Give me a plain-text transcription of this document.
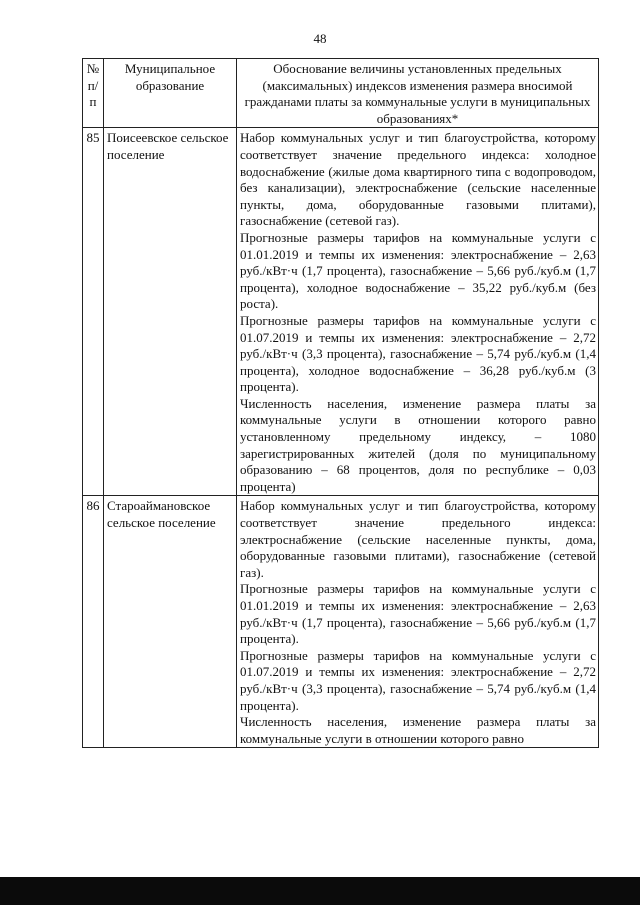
48
№ п/п	Муниципальное образование	Обоснование величины установленных предельных (максимальных) индексов изменения размера вносимой гражданами платы за коммунальные услуги в муниципальных образованиях*
85	Поисеевское сельское поселение	Набор коммунальных услуг и тип благоустройства, которому соответствует значение предельного индекса: холодное водоснабжение (жилые дома квартирного типа с водопроводом, без канализации), электроснабжение (сельские населенные пункты, дома, оборудованные газовыми плитами), газоснабжение (сетевой газ).

Прогнозные размеры тарифов на коммунальные услуги с 01.01.2019 и темпы их изменения: электроснабжение – 2,63 руб./кВт·ч (1,7 процента), газоснабжение – 5,66 руб./куб.м (1,7 процента), холодное водоснабжение – 35,22 руб./куб.м (без роста).

Прогнозные размеры тарифов на коммунальные услуги с 01.07.2019 и темпы их изменения: электроснабжение – 2,72 руб./кВт·ч (3,3 процента), газоснабжение – 5,74 руб./куб.м (1,4 процента), холодное водоснабжение – 36,28 руб./куб.м (3 процента).

Численность населения, изменение размера платы за коммунальные услуги в отношении которого равно установленному предельному индексу, – 1080 зарегистрированных жителей (доля по муниципальному образованию – 68 процентов, доля по республике – 0,03 процента)

86	Староаймановское сельское поселение	Набор коммунальных услуг и тип благоустройства, которому соответствует значение предельного индекса: электроснабжение (сельские населенные пункты, дома, оборудованные газовыми плитами), газоснабжение (сетевой газ).

Прогнозные размеры тарифов на коммунальные услуги с 01.01.2019 и темпы их изменения: электроснабжение – 2,63 руб./кВт·ч (1,7 процента), газоснабжение – 5,66 руб./куб.м (1,7 процента).

Прогнозные размеры тарифов на коммунальные услуги с 01.07.2019 и темпы их изменения: электроснабжение – 2,72 руб./кВт·ч (3,3 процента), газоснабжение – 5,74 руб./куб.м (1,4 процента).

Численность населения, изменение размера платы за коммунальные услуги в отношении которого равно
